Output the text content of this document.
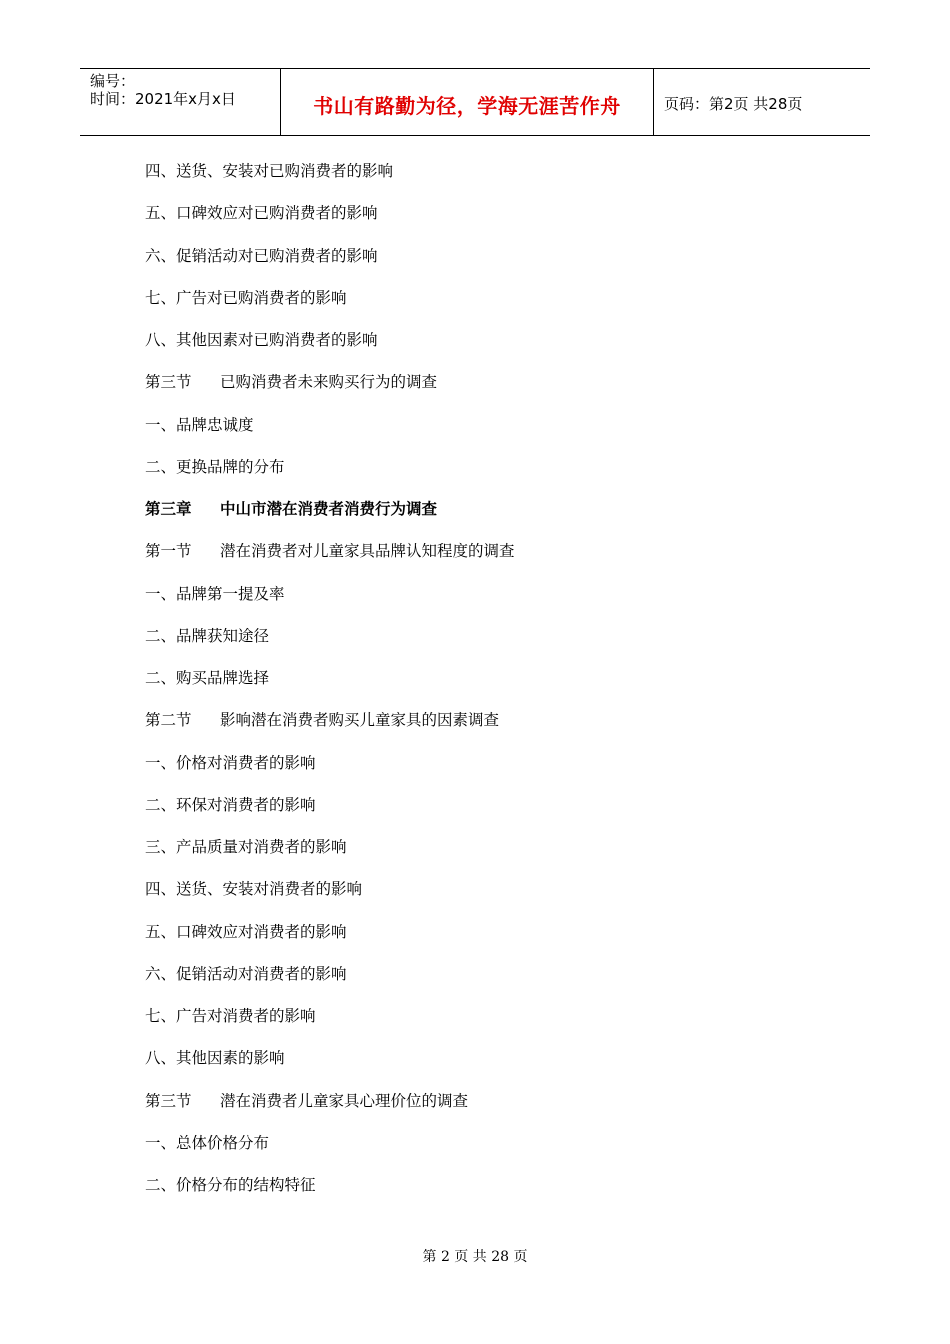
编号：
时间：2021年x月x日	书山有路勤为径，学海无涯苦作舟	页码：第2页 共28页
四、送货、安装对已购消费者的影响
五、口碑效应对已购消费者的影响
六、促销活动对已购消费者的影响
七、广告对已购消费者的影响
八、其他因素对已购消费者的影响
第三节 已购消费者未来购买行为的调查
一、品牌忠诚度
二、更换品牌的分布
第三章 中山市潜在消费者消费行为调查
第一节 潜在消费者对儿童家具品牌认知程度的调查
一、品牌第一提及率
二、品牌获知途径
二、购买品牌选择
第二节 影响潜在消费者购买儿童家具的因素调查
一、价格对消费者的影响
二、环保对消费者的影响
三、产品质量对消费者的影响
四、送货、安装对消费者的影响
五、口碑效应对消费者的影响
六、促销活动对消费者的影响
七、广告对消费者的影响
八、其他因素的影响
第三节 潜在消费者儿童家具心理价位的调查
一、总体价格分布
二、价格分布的结构特征
第 2 页 共 28 页
